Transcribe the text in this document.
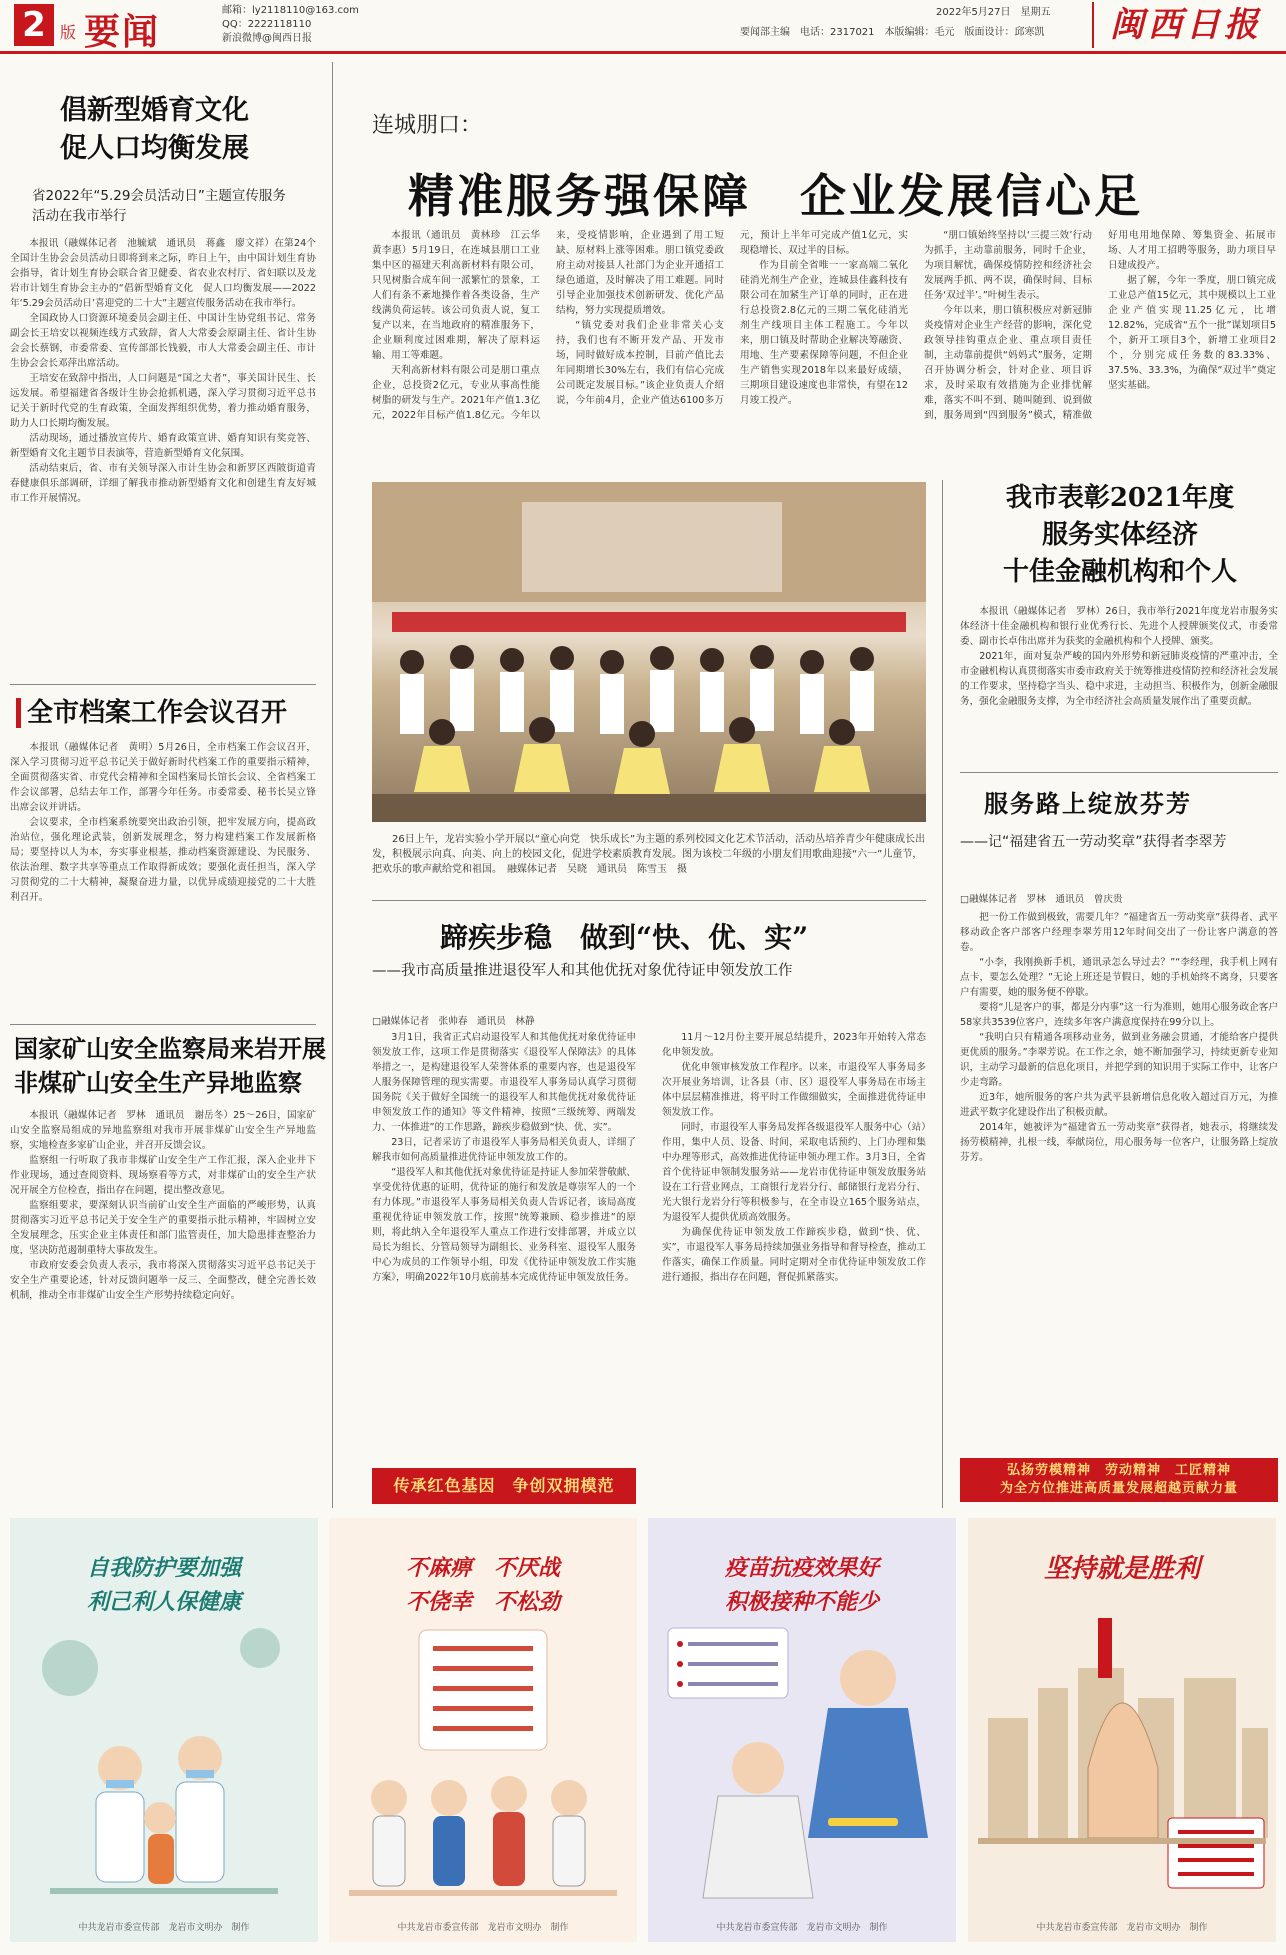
2 版 要闻
邮箱：ly2118110@163.com
QQ：2222118110
新浪微博@闽西日报
2022年5月27日　星期五
要闻部主编　电话：2317021　本版编辑：毛元　版面设计：邱寒凯	闽西日报
倡新型婚育文化
促人口均衡发展
省2022年“5.29会员活动日”主题宣传服务活动在我市举行

本报讯（融媒体记者　池毓斌　通讯员　蒋鑫　廖文祥）在第24个全国计生协会会员活动日即将到来之际，昨日上午，由中国计划生育协会指导，省计划生育协会联合省卫健委、省农业农村厅、省妇联以及龙岩市计划生育协会主办的“倡新型婚育文化　促人口均衡发展——2022年‘5.29会员活动日’喜迎党的二十大”主题宣传服务活动在我市举行。

全国政协人口资源环境委员会副主任、中国计生协党组书记、常务副会长王培安以视频连线方式致辞，省人大常委会原副主任、省计生协会会长蔡钢，市委常委、宣传部部长钱毅，市人大常委会副主任、市计生协会会长邓萍出席活动。

王培安在致辞中指出，人口问题是“国之大者”，事关国计民生、长远发展。希望福建省各级计生协会抢抓机遇，深入学习贯彻习近平总书记关于新时代党的生育政策，全面发挥组织优势，着力推动婚育服务，助力人口长期均衡发展。

活动现场，通过播放宣传片、婚育政策宣讲、婚育知识有奖竞答、新型婚育文化主题节目表演等，营造新型婚育文化氛围。

活动结束后，省、市有关领导深入市计生协会和新罗区西陂街道青春健康俱乐部调研，详细了解我市推动新型婚育文化和创建生育友好城市工作开展情况。

全市档案工作会议召开

本报讯（融媒体记者　黄明）5月26日，全市档案工作会议召开，深入学习贯彻习近平总书记关于做好新时代档案工作的重要指示精神，全面贯彻落实省、市党代会精神和全国档案局长馆长会议、全省档案工作会议部署，总结去年工作，部署今年任务。市委常委、秘书长吴立锋出席会议并讲话。

会议要求，全市档案系统要突出政治引领，把牢发展方向，提高政治站位，强化理论武装，创新发展理念，努力构建档案工作发展新格局；要坚持以人为本，夯实事业根基，推动档案资源建设、为民服务、依法治理、数字共享等重点工作取得新成效；要强化责任担当，深入学习贯彻党的二十大精神，凝聚奋进力量，以优异成绩迎接党的二十大胜利召开。

国家矿山安全监察局来岩开展
非煤矿山安全生产异地监察

本报讯（融媒体记者　罗林　通讯员　谢岳冬）25～26日，国家矿山安全监察局组成的异地监察组对我市开展非煤矿山安全生产异地监察，实地检查多家矿山企业，并召开反馈会议。

监察组一行听取了我市非煤矿山安全生产工作汇报，深入企业井下作业现场，通过查阅资料、现场察看等方式，对非煤矿山的安全生产状况开展全方位检查，指出存在问题，提出整改意见。

监察组要求，要深刻认识当前矿山安全生产面临的严峻形势，认真贯彻落实习近平总书记关于安全生产的重要指示批示精神，牢固树立安全发展理念，压实企业主体责任和部门监管责任，加大隐患排查整治力度，坚决防范遏制重特大事故发生。

市政府安委会负责人表示，我市将深入贯彻落实习近平总书记关于安全生产重要论述，针对反馈问题举一反三、全面整改，健全完善长效机制，推动全市非煤矿山安全生产形势持续稳定向好。

连城朋口：
精准服务强保障　企业发展信心足

本报讯（通讯员　黄林珍　江云华　黄李惠）5月19日，在连城县朋口工业集中区的福建天利高新材料有限公司，只见树脂合成车间一派繁忙的景象，工人们有条不紊地操作着各类设备，生产线满负荷运转。该公司负责人说，复工复产以来，在当地政府的精准服务下，企业顺利度过困难期，解决了原料运输、用工等难题。

天利高新材料有限公司是朋口重点企业，总投资2亿元，专业从事高性能树脂的研发与生产。2021年产值1.3亿元，2022年目标产值1.8亿元。今年以来，受疫情影响，企业遇到了用工短缺、原材料上涨等困难。朋口镇党委政府主动对接县人社部门为企业开通招工绿色通道，及时解决了用工难题。同时引导企业加强技术创新研发、优化产品结构，努力实现提质增效。

“镇党委对我们企业非常关心支持，我们也有不断开发产品、开发市场，同时做好成本控制，目前产值比去年同期增长30%左右，我们有信心完成公司既定发展目标。”该企业负责人介绍说，今年前4月，企业产值达6100多万元，预计上半年可完成产值1亿元，实现稳增长、双过半的目标。

作为目前全省唯一一家高端二氧化硅消光剂生产企业，连城县佳鑫科技有限公司在加紧生产订单的同时，正在进行总投资2.8亿元的三期二氧化硅消光剂生产线项目主体工程施工。今年以来，朋口镇及时帮助企业解决筹融资、用地、生产要素保障等问题，不但企业生产销售实现2018年以来最好成绩，三期项目建设速度也非常快，有望在12月竣工投产。

“朋口镇始终坚持以‘三提三效’行动为抓手，主动靠前服务，同时千企业，为项目解忧，确保疫情防控和经济社会发展两手抓、两不误，确保时间、目标任务‘双过半’。”叶树生表示。

今年以来，朋口镇积极应对新冠肺炎疫情对企业生产经营的影响，深化党政领导挂钩重点企业、重点项目责任制，主动靠前提供“妈妈式”服务，定期召开协调分析会，针对企业、项目诉求，及时采取有效措施为企业排忧解难，落实不叫不到、随叫随到、说到做到，服务周到“四到服务”模式，精准做好用电用地保障、筹集资金、拓展市场、人才用工招聘等服务，助力项目早日建成投产。

据了解，今年一季度，朋口镇完成工业总产值15亿元，其中规模以上工业企业产值实现11.25亿元，比增12.82%，完成省“五个一批”谋划项目5个，新开工项目3个，新增工业项目2个，分别完成任务数的83.33%、37.5%、33.3%，为确保“双过半”奠定坚实基础。

26日上午，龙岩实验小学开展以“童心向党　快乐成长”为主题的系列校园文化艺术节活动，活动丛培养青少年健康成长出发，积极展示向真、向美、向上的校园文化，促进学校素质教育发展。图为该校二年级的小朋友们用歌曲迎接“六一”儿童节，把欢乐的歌声献给党和祖国。　融媒体记者　吴晓　通讯员　陈雪玉　摄
蹄疾步稳　做到“快、优、实”
——我市高质量推进退役军人和其他优抚对象优待证申领发放工作
□融媒体记者　张帅春　通讯员　林静

3月1日，我省正式启动退役军人和其他优抚对象优待证申领发放工作，这项工作是贯彻落实《退役军人保障法》的具体举措之一，是构建退役军人荣誉体系的重要内容，也是退役军人服务保障管理的现实需要。市退役军人事务局认真学习贯彻国务院《关于做好全国统一的退役军人和其他优抚对象优待证申领发放工作的通知》等文件精神，按照“三级统筹、两端发力、一体推进”的工作思路，蹄疾步稳做到“快、优、实”。

23日，记者采访了市退役军人事务局相关负责人，详细了解我市如何高质量推进优待证申领发放工作的。

“退役军人和其他优抚对象优待证是持证人参加荣誉敬献、享受优待优惠的证明，优待证的施行和发放是尊崇军人的一个有力体现。”市退役军人事务局相关负责人告诉记者，该局高度重视优待证申领发放工作，按照“统筹兼顾、稳步推进”的原则，将此纳入全年退役军人重点工作进行安排部署，并成立以局长为组长、分管局领导为副组长、业务科室、退役军人服务中心为成员的工作领导小组，印发《优待证申领发放工作实施方案》，明确2022年10月底前基本完成优待证申领发放任务。

11月～12月份主要开展总结提升，2023年开始转入常态化申领发放。

优化申领审核发放工作程序。以来，市退役军人事务局多次开展业务培训，让各县（市、区）退役军人事务局在市场主体中层层精准推进，将平时工作做细做实，全面推进优待证申领发放工作。

同时，市退役军人事务局发挥各级退役军人服务中心（站）作用，集中人员、设备、时间，采取电话预约、上门办理和集中办理等形式，高效推进优待证申领办理工作。3月3日，全省首个优待证申领制发服务站——龙岩市优待证申领发放服务站设在工行营业网点，工商银行龙岩分行、邮储银行龙岩分行、光大银行龙岩分行等积极参与，在全市设立165个服务站点，为退役军人提供优质高效服务。

为确保优待证申领发放工作蹄疾步稳，做到“快、优、实”，市退役军人事务局持续加强业务指导和督导检查，推动工作落实，确保工作质量。同时定期对全市优待证申领发放工作进行通报，指出存在问题，督促抓紧落实。

传承红色基因　争创双拥模范
我市表彰2021年度
服务实体经济
十佳金融机构和个人

本报讯（融媒体记者　罗林）26日，我市举行2021年度龙岩市服务实体经济十佳金融机构和银行业优秀行长、先进个人授牌颁奖仪式，市委常委、副市长卓伟出席并为获奖的金融机构和个人授牌、颁奖。

2021年，面对复杂严峻的国内外形势和新冠肺炎疫情的严重冲击，全市金融机构认真贯彻落实市委市政府关于统筹推进疫情防控和经济社会发展的工作要求，坚持稳字当头、稳中求进，主动担当、积极作为，创新金融服务，强化金融服务支撑，为全市经济社会高质量发展作出了重要贡献。

服务路上绽放芬芳
——记“福建省五一劳动奖章”获得者李翠芳
□融媒体记者　罗林　通讯员　曾庆贵

把一份工作做到极致，需要几年？”福建省五一劳动奖章”获得者、武平移动政企客户部客户经理李翠芳用12年时间交出了一份让客户满意的答卷。

“小李，我刚换新手机，通讯录怎么导过去？”“李经理，我手机上网有点卡，要怎么处理？”无论上班还是节假日，她的手机始终不离身，只要客户有需要，她的服务便不停歇。

要将“儿是客户的事，都是分内事”这一行为准则，她用心服务政企客户58家共3539位客户，连续多年客户满意度保持在99分以上。

“我明白只有精通各项移动业务，做到业务融会贯通，才能给客户提供更优质的服务。”李翠芳说。在工作之余，她不断加强学习，持续更新专业知识，主动学习最新的信息化项目，并把学到的知识用于实际工作中，让客户少走弯路。

近3年，她所服务的客户共为武平县新增信息化收入超过百万元，为推进武平数字化建设作出了积极贡献。

2014年，她被评为“福建省五一劳动奖章”获得者，她表示，将继续发扬劳模精神，扎根一线，奉献岗位，用心服务每一位客户，让服务路上绽放芬芳。

弘扬劳模精神　劳动精神　工匠精神
为全方位推进高质量发展超越贡献力量
自我防护要加强
利己利人保健康
中共龙岩市委宣传部　龙岩市文明办　制作
不麻痹　不厌战
不侥幸　不松劲
中共龙岩市委宣传部　龙岩市文明办　制作
疫苗抗疫效果好
积极接种不能少
中共龙岩市委宣传部　龙岩市文明办　制作
坚持就是胜利
中共龙岩市委宣传部　龙岩市文明办　制作
